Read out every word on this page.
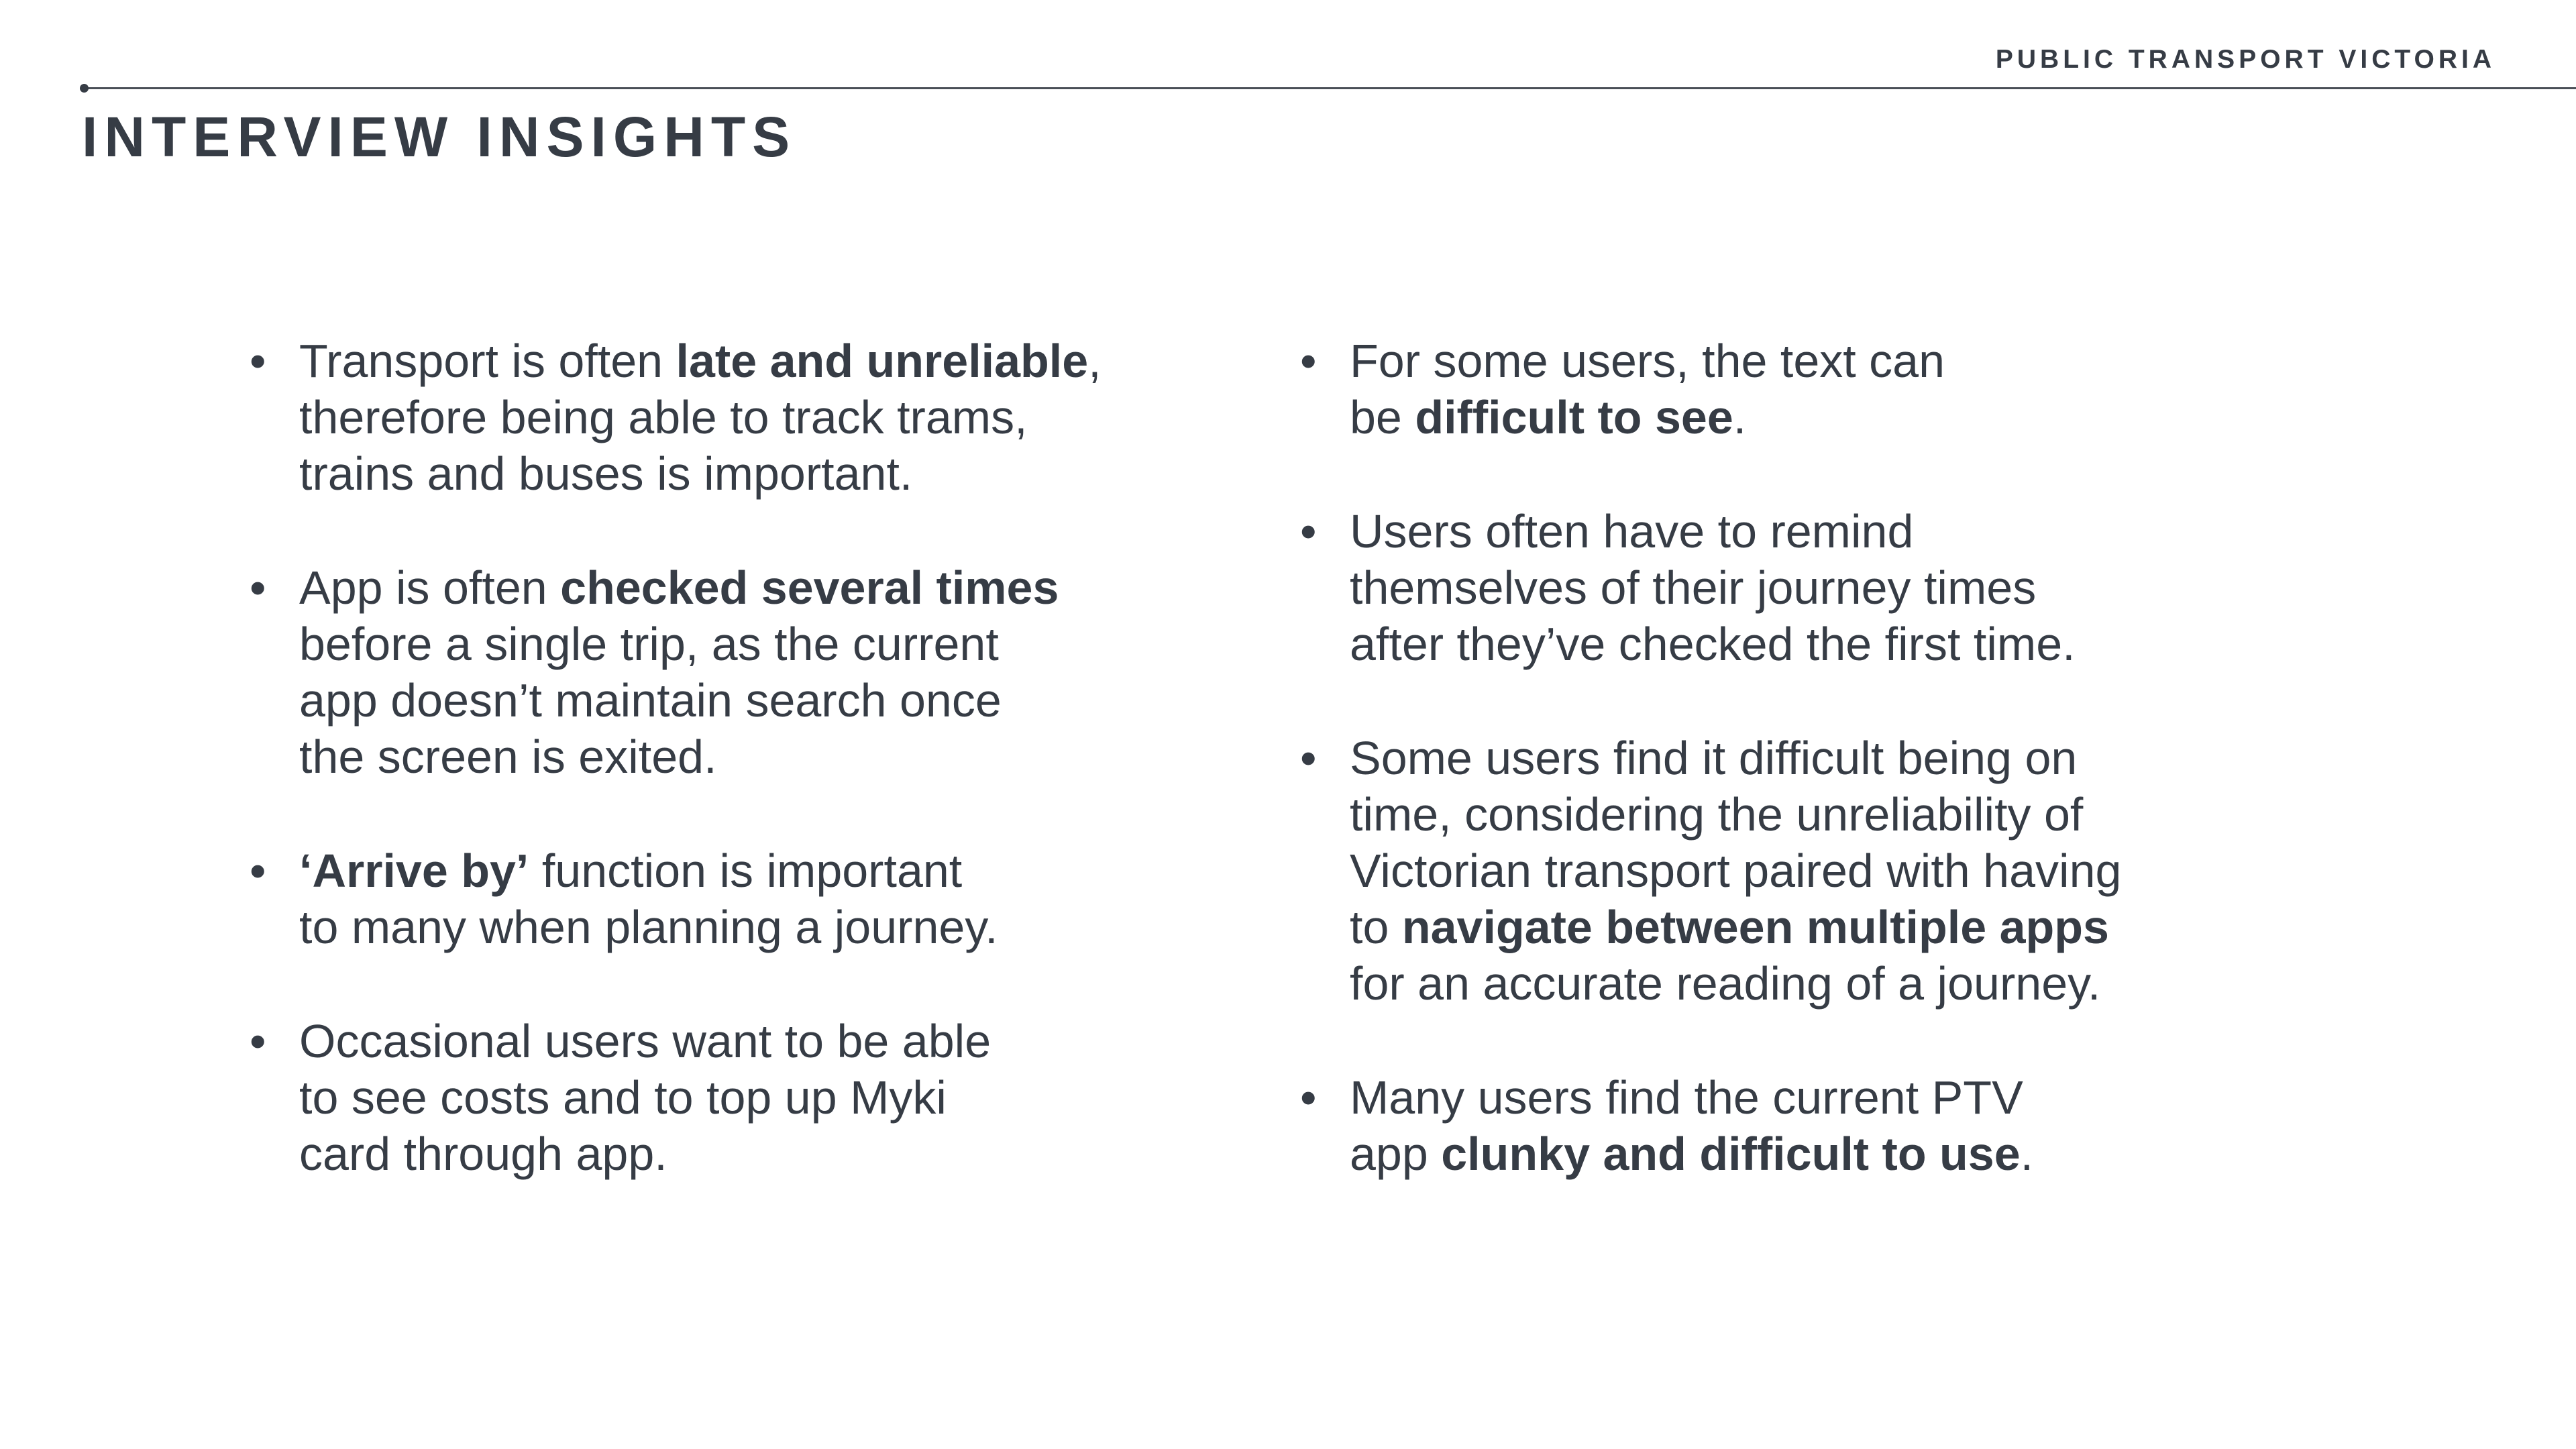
PUBLIC TRANSPORT VICTORIA
INTERVIEW INSIGHTS
• Transport is often late and unreliable,
therefore being able to track trams,
trains and buses is important.
• App is often checked several times
before a single trip, as the current
app doesn’t maintain search once
the screen is exited.
• ‘Arrive by’ function is important
to many when planning a journey.
• Occasional users want to be able
to see costs and to top up Myki
card through app.
• For some users, the text can
be difficult to see.
• Users often have to remind
themselves of their journey times
after they’ve checked the first time.
• Some users find it difficult being on
time, considering the unreliability of
Victorian transport paired with having
to navigate between multiple apps
for an accurate reading of a journey.
• Many users find the current PTV
app clunky and difficult to use.
